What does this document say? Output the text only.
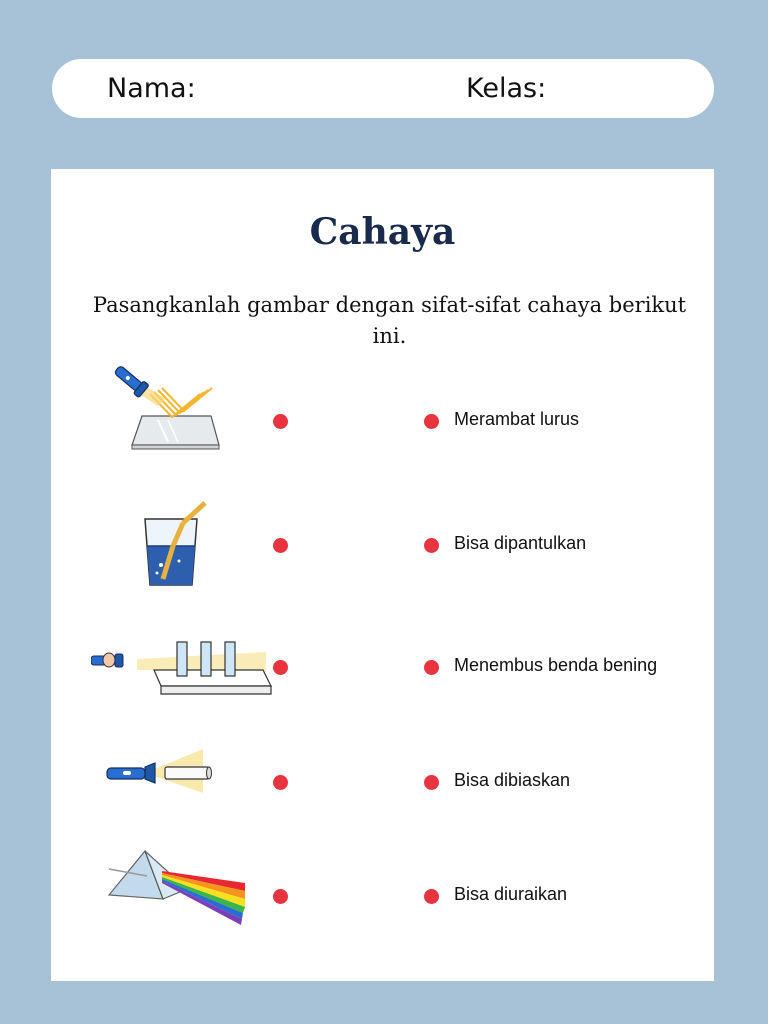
Nama:	Kelas:
Cahaya
Pasangkanlah gambar dengan sifat-sifat cahaya berikut ini.
Merambat lurus
Bisa dipantulkan
Menembus benda bening
Bisa dibiaskan
Bisa diuraikan
